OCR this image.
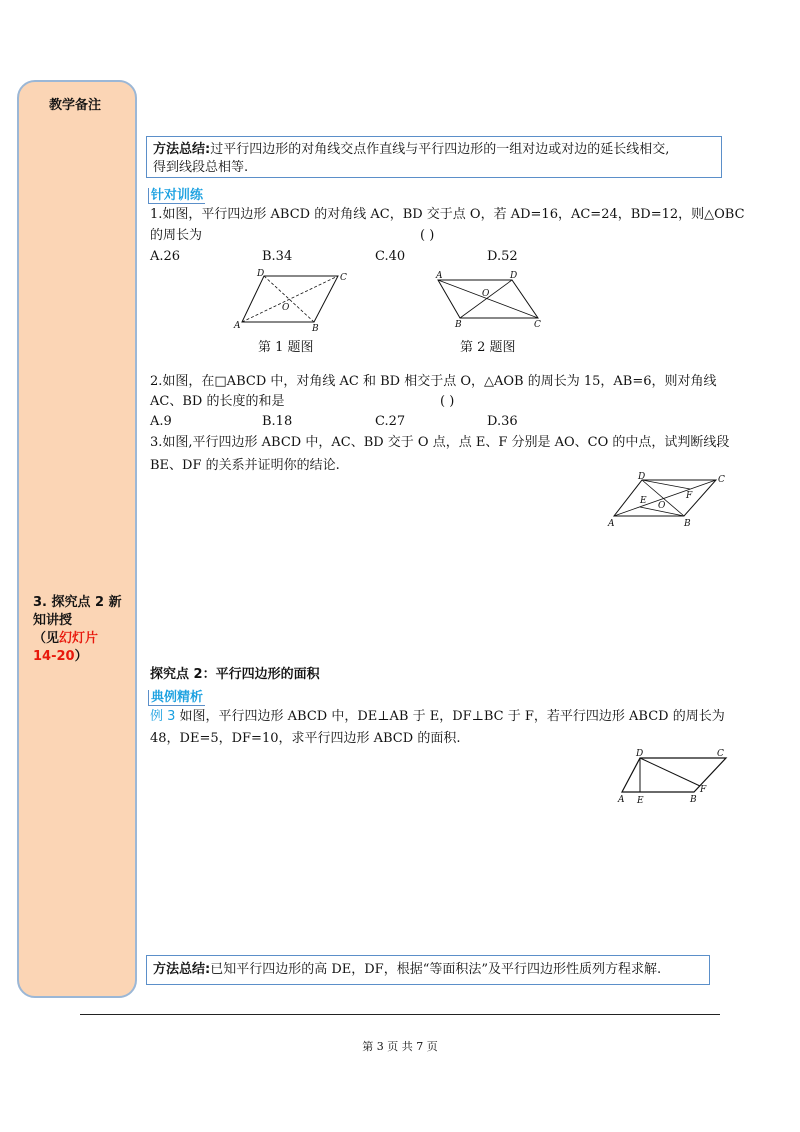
教学备注
3. 探究点 2 新
知讲授
（见幻灯片
14-20）
方法总结:过平行四边形的对角线交点作直线与平行四边形的一组对边或对边的延长线相交,
得到线段总相等.
针对训练
1.如图，平行四边形 ABCD 的对角线 AC，BD 交于点 O，若 AD=16，AC=24，BD=12，则△OBC
的周长为	( )
A.26	B.34	C.40	D.52
A	B
C
D
O
第 1 题图
A
B	C
D
O
第 2 题图
2.如图，在□ABCD 中，对角线 AC 和 BD 相交于点 O，△AOB 的周长为 15，AB=6，则对角线
AC、BD 的长度的和是	( )
A.9	B.18	C.27	D.36
3.如图,平行四边形 ABCD 中，AC、BD 交于 O 点，点 E、F 分别是 AO、CO 的中点，试判断线段
BE、DF 的关系并证明你的结论.
A	B
C
D
E	F
O
探究点 2：平行四边形的面积
典例精析
例 3 如图，平行四边形 ABCD 中，DE⊥AB 于 E，DF⊥BC 于 F，若平行四边形 ABCD 的周长为
48，DE=5，DF=10，求平行四边形 ABCD 的面积.
A	B
C
D
E
F
方法总结:已知平行四边形的高 DE，DF，根据“等面积法”及平行四边形性质列方程求解.
第 3 页 共 7 页
